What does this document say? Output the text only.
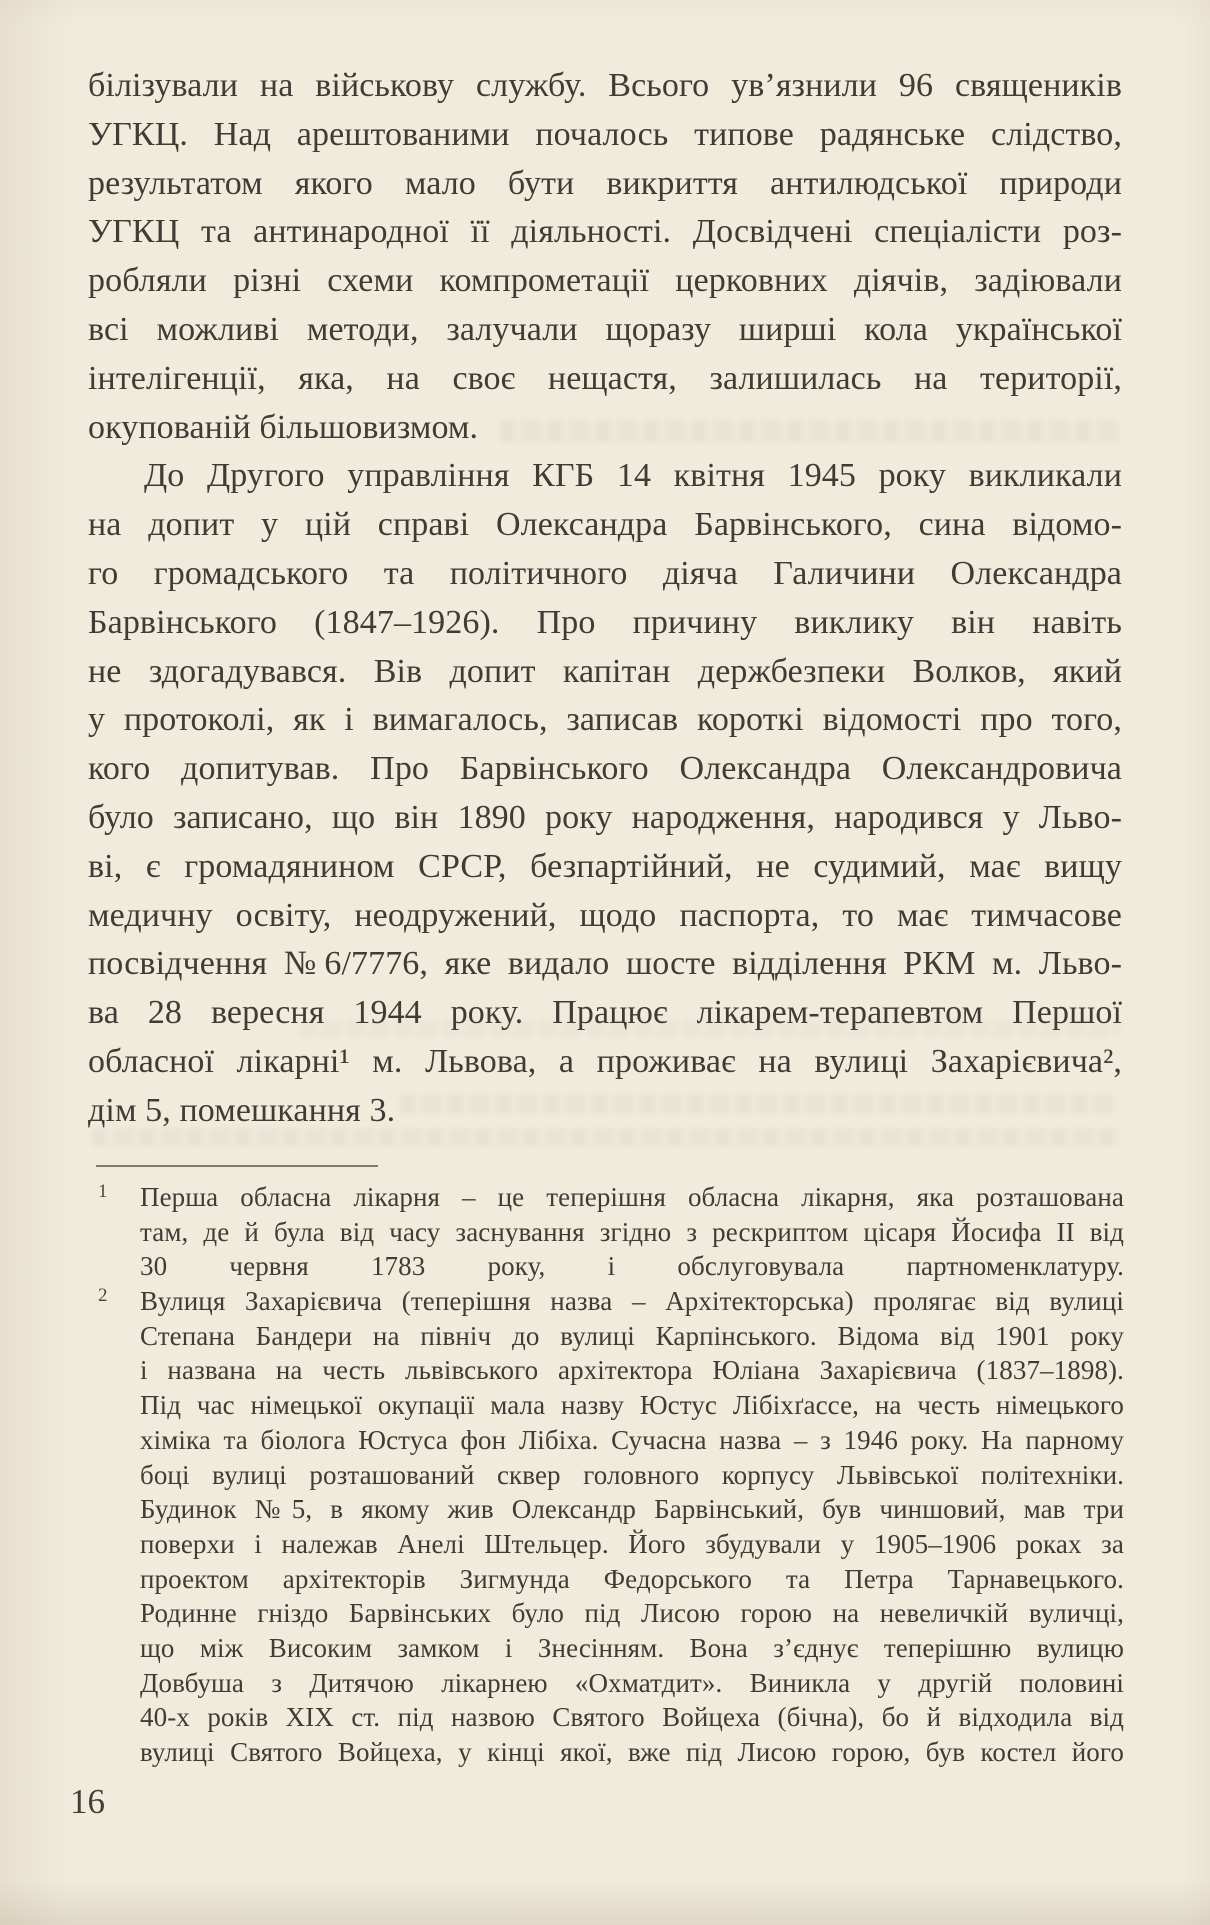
білізували на військову службу. Всього ув’язнили 96 священиків
УГКЦ. Над арештованими почалось типове радянське слідство,
результатом якого мало бути викриття антилюдської природи
УГКЦ та антинародної її діяльності. Досвідчені спеціалісти роз-
робляли різні схеми компрометації церковних діячів, задіювали
всі можливі методи, залучали щоразу ширші кола української
інтелігенції, яка, на своє нещастя, залишилась на території,
окупованій більшовизмом.
До Другого управління КГБ 14 квітня 1945 року викликали
на допит у цій справі Олександра Барвінського, сина відомо-
го громадського та політичного діяча Галичини Олександра
Барвінського (1847–1926). Про причину виклику він навіть
не здогадувався. Вів допит капітан держбезпеки Волков, який
у протоколі, як і вимагалось, записав короткі відомості про того,
кого допитував. Про Барвінського Олександра Олександровича
було записано, що він 1890 року народження, народився у Льво-
ві, є громадянином СРСР, безпартійний, не судимий, має вищу
медичну освіту, неодружений, щодо паспорта, то має тимчасове
посвідчення №6/7776, яке видало шосте відділення РКМ м. Льво-
ва 28 вересня 1944 року. Працює лікарем-терапевтом Першої
обласної лікарні¹ м. Львова, а проживає на вулиці Захарієвича²,
дім 5, помешкання 3.
1 Перша обласна лікарня – це теперішня обласна лікарня, яка розташована
там, де й була від часу заснування згідно з рескриптом цісаря Йосифа II від
30 червня 1783 року, і обслуговувала партноменклатуру.
2 Вулиця Захарієвича (теперішня назва – Архітекторська) пролягає від вулиці
Степана Бандери на північ до вулиці Карпінського. Відома від 1901 року
і названа на честь львівського архітектора Юліана Захарієвича (1837–1898).
Під час німецької окупації мала назву Юстус Лібіхґассе, на честь німецького
хіміка та біолога Юстуса фон Лібіха. Сучасна назва – з 1946 року. На парному
боці вулиці розташований сквер головного корпусу Львівської політехніки.
Будинок №5, в якому жив Олександр Барвінський, був чиншовий, мав три
поверхи і належав Анелі Штельцер. Його збудували у 1905–1906 роках за
проектом архітекторів Зигмунда Федорського та Петра Тарнавецького.
Родинне гніздо Барвінських було під Лисою горою на невеличкій вуличці,
що між Високим замком і Знесінням. Вона з’єднує теперішню вулицю
Довбуша з Дитячою лікарнею «Охматдит». Виникла у другій половині
40-х років XIX ст. під назвою Святого Войцеха (бічна), бо й відходила від
вулиці Святого Войцеха, у кінці якої, вже під Лисою горою, був костел його
16
